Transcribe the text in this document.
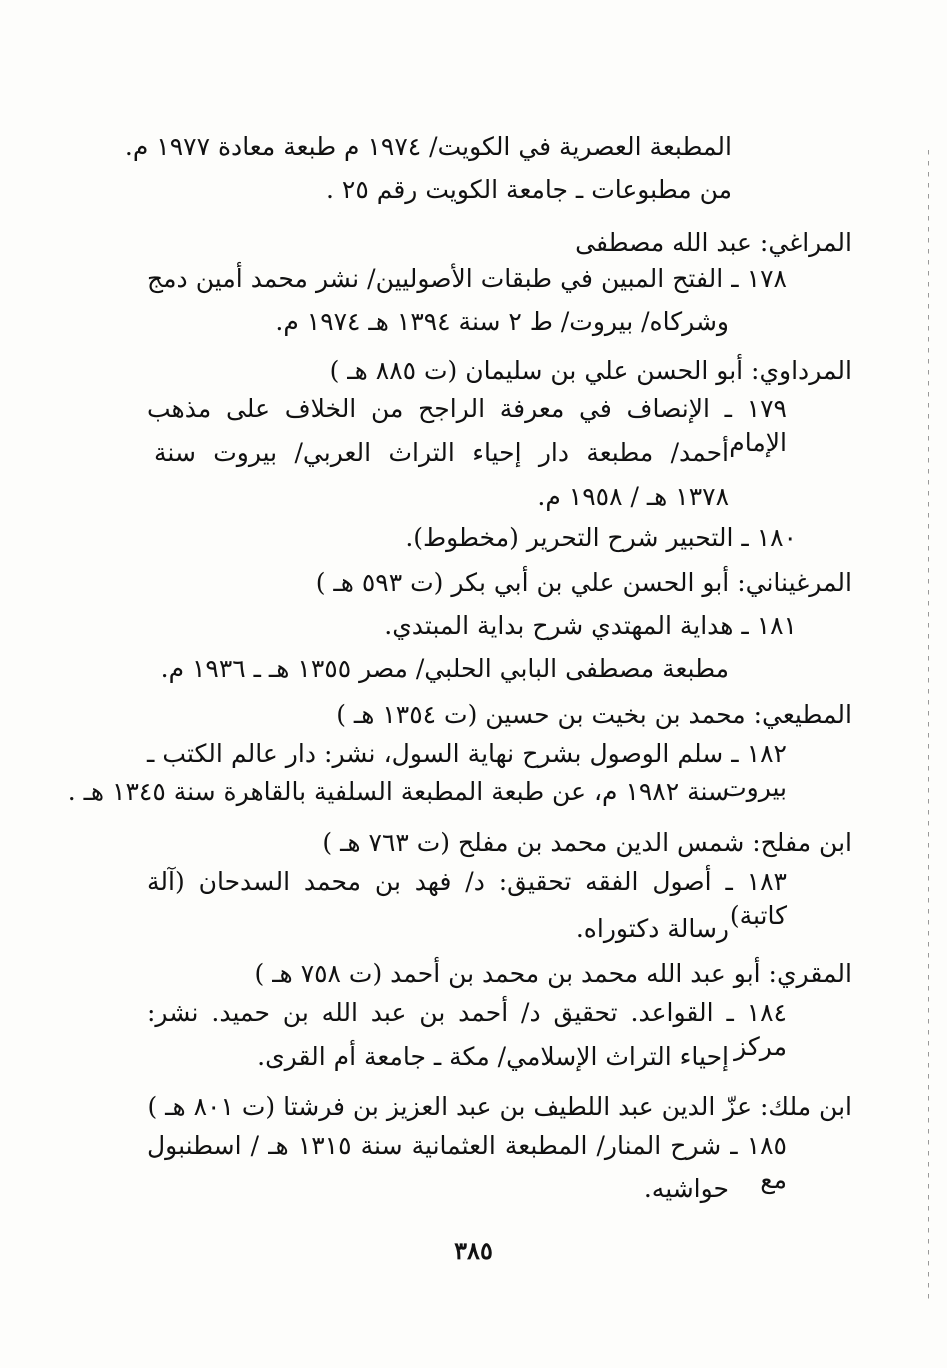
المطبعة العصرية في الكويت/ ١٩٧٤ م طبعة معادة ١٩٧٧ م.
من مطبوعات ـ جامعة الكويت رقم ٢٥ .
المراغي: عبد الله مصطفى
١٧٨ ـ الفتح المبين في طبقات الأصوليين/ نشر محمد أمين دمج
وشركاه/ بيروت/ ط ٢ سنة ١٣٩٤ هـ ١٩٧٤ م.
المرداوي: أبو الحسن علي بن سليمان (ت ٨٨٥ هـ )
١٧٩ ـ الإنصاف في معرفة الراجح من الخلاف على مذهب الإمام
أحمد/ مطبعة دار إحياء التراث العربي/ بيروت سنة
١٣٧٨ هـ / ١٩٥٨ م.
١٨٠ ـ التحبير شرح التحرير (مخطوط).
المرغيناني: أبو الحسن علي بن أبي بكر (ت ٥٩٣ هـ )
١٨١ ـ هداية المهتدي شرح بداية المبتدي.
مطبعة مصطفى البابي الحلبي/ مصر ١٣٥٥ هـ ـ ١٩٣٦ م.
المطيعي: محمد بن بخيت بن حسين (ت ١٣٥٤ هـ )
١٨٢ ـ سلم الوصول بشرح نهاية السول، نشر: دار عالم الكتب ـ بيروت
سنة ١٩٨٢ م، عن طبعة المطبعة السلفية بالقاهرة سنة ١٣٤٥ هـ .
ابن مفلح: شمس الدين محمد بن مفلح (ت ٧٦٣ هـ )
١٨٣ ـ أصول الفقه تحقيق: د/ فهد بن محمد السدحان (آلة كاتبة)
رسالة دكتوراه.
المقري: أبو عبد الله محمد بن محمد بن أحمد (ت ٧٥٨ هـ )
١٨٤ ـ القواعد. تحقيق د/ أحمد بن عبد الله بن حميد. نشر: مركز
إحياء التراث الإسلامي/ مكة ـ جامعة أم القرى.
ابن ملك: عزّ الدين عبد اللطيف بن عبد العزيز بن فرشتا (ت ٨٠١ هـ )
١٨٥ ـ شرح المنار/ المطبعة العثمانية سنة ١٣١٥ هـ / اسطنبول مع
حواشيه.
٣٨٥
